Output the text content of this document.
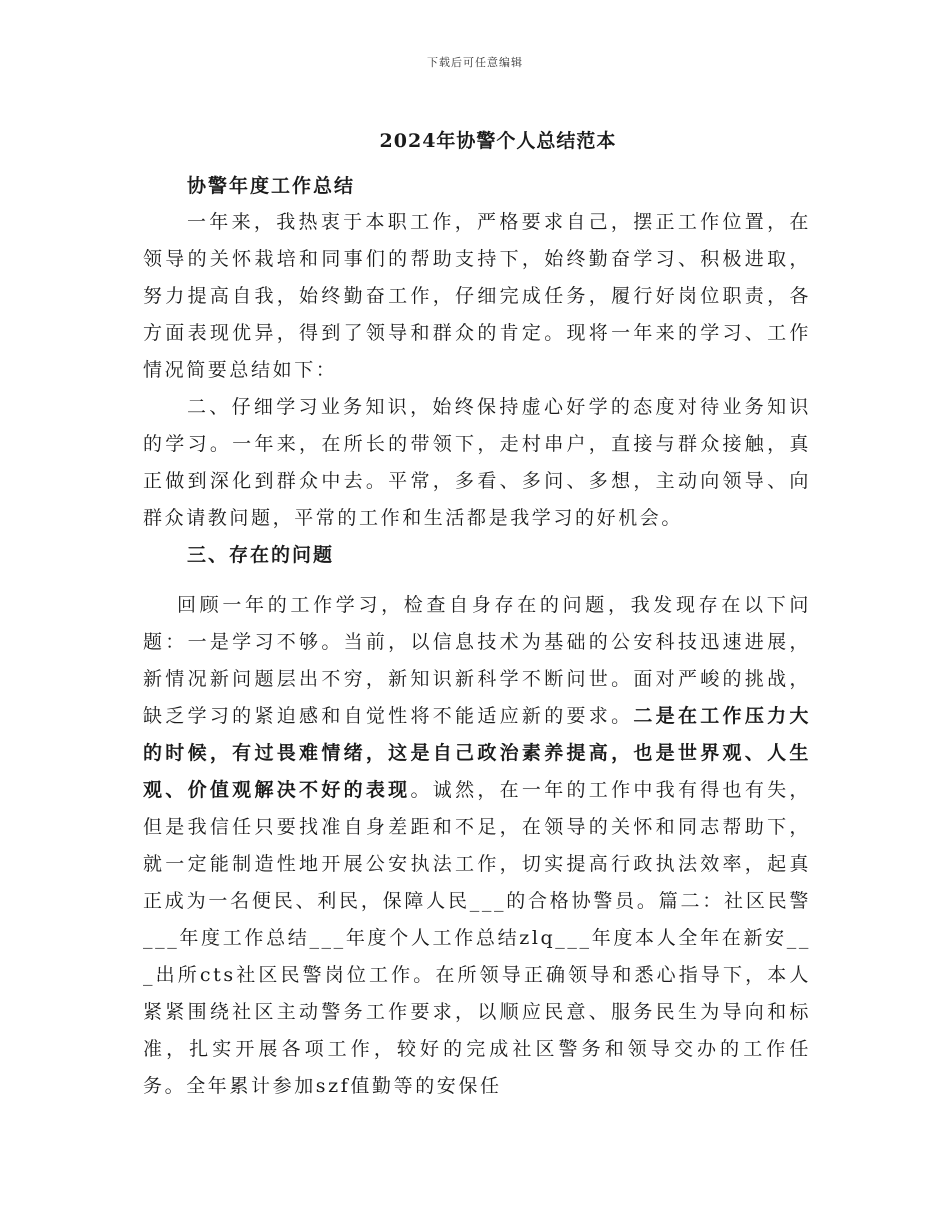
下载后可任意编辑
2024年协警个人总结范本

协警年度工作总结

一年来，我热衷于本职工作，严格要求自己，摆正工作位置，在领导的关怀栽培和同事们的帮助支持下，始终勤奋学习、积极进取，努力提高自我，始终勤奋工作，仔细完成任务，履行好岗位职责，各方面表现优异，得到了领导和群众的肯定。现将一年来的学习、工作情况简要总结如下：

二、仔细学习业务知识，始终保持虚心好学的态度对待业务知识的学习。一年来，在所长的带领下，走村串户，直接与群众接触，真正做到深化到群众中去。平常，多看、多问、多想，主动向领导、向群众请教问题，平常的工作和生活都是我学习的好机会。

三、存在的问题

回顾一年的工作学习，检查自身存在的问题，我发现存在以下问题：一是学习不够。当前，以信息技术为基础的公安科技迅速进展，新情况新问题层出不穷，新知识新科学不断问世。面对严峻的挑战，缺乏学习的紧迫感和自觉性将不能适应新的要求。二是在工作压力大的时候，有过畏难情绪，这是自己政治素养提高，也是世界观、人生观、价值观解决不好的表现。诚然，在一年的工作中我有得也有失，但是我信任只要找准自身差距和不足，在领导的关怀和同志帮助下，就一定能制造性地开展公安执法工作，切实提高行政执法效率，起真正成为一名便民、利民，保障人民___的合格协警员。篇二：社区民警___年度工作总结___年度个人工作总结zlq___年度本人全年在新安___出所cts社区民警岗位工作。在所领导正确领导和悉心指导下，本人紧紧围绕社区主动警务工作要求，以顺应民意、服务民生为导向和标准，扎实开展各项工作，较好的完成社区警务和领导交办的工作任务。全年累计参加szf值勤等的安保任
